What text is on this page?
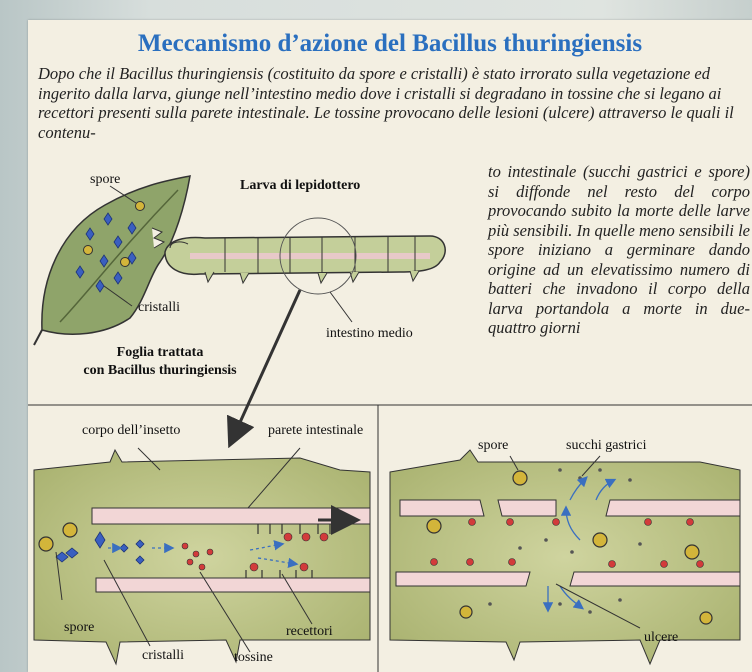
Meccanismo d’azione del Bacillus thuringiensis

Dopo che il Bacillus thuringiensis (costituito da spore e cristalli) è stato irrorato sulla vegetazione ed ingerito dalla larva, giunge nell’intestino medio dove i cristalli si degradano in tossine che si legano ai recettori presenti sulla parete intestinale. Le tossine provocano delle lesioni (ulcere) attraverso le quali il contenu-

to intestinale (succhi gastrici e spore) si diffonde nel resto del corpo provocando subito la morte delle larve più sensibili. In quelle meno sensibili le spore iniziano a germinare dando origine ad un elevatissimo numero di batteri che invadono il corpo della larva portandola a morte in due-quattro giorni

spore
cristalli
Larva di lepidottero
intestino medio
Foglia trattata
con Bacillus thuringiensis
corpo dell’insetto	parete intestinale
spore
cristalli	tossine
recettori
spore	succhi gastrici
ulcere
